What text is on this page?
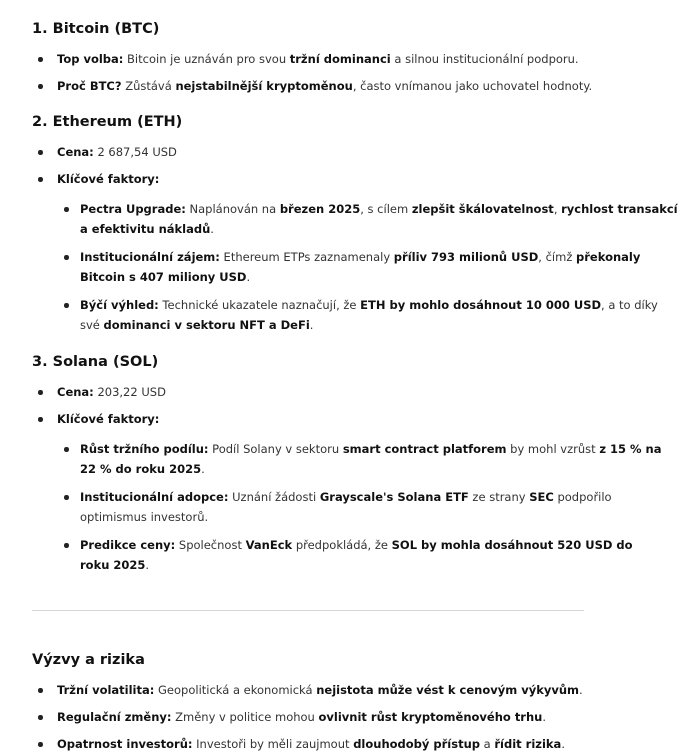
1. Bitcoin (BTC)
Top volba: Bitcoin je uznáván pro svou tržní dominanci a silnou institucionální podporu.
Proč BTC? Zůstává nejstabilnější kryptoměnou, často vnímanou jako uchovatel hodnoty.
2. Ethereum (ETH)
Cena: 2 687,54 USD
Klíčové faktory:
Pectra Upgrade: Naplánován na březen 2025, s cílem zlepšit škálovatelnost, rychlost transakcí
a efektivitu nákladů.
Institucionální zájem: Ethereum ETPs zaznamenaly příliv 793 milionů USD, čímž překonaly
Bitcoin s 407 miliony USD.
Býčí výhled: Technické ukazatele naznačují, že ETH by mohlo dosáhnout 10 000 USD, a to díky
své dominanci v sektoru NFT a DeFi.
3. Solana (SOL)
Cena: 203,22 USD
Klíčové faktory:
Růst tržního podílu: Podíl Solany v sektoru smart contract platforem by mohl vzrůst z 15 % na
22 % do roku 2025.
Institucionální adopce: Uznání žádosti Grayscale's Solana ETF ze strany SEC podpořilo
optimismus investorů.
Predikce ceny: Společnost VanEck předpokládá, že SOL by mohla dosáhnout 520 USD do
roku 2025.
Výzvy a rizika
Tržní volatilita: Geopolitická a ekonomická nejistota může vést k cenovým výkyvům.
Regulační změny: Změny v politice mohou ovlivnit růst kryptoměnového trhu.
Opatrnost investorů: Investoři by měli zaujmout dlouhodobý přístup a řídit rizika.
